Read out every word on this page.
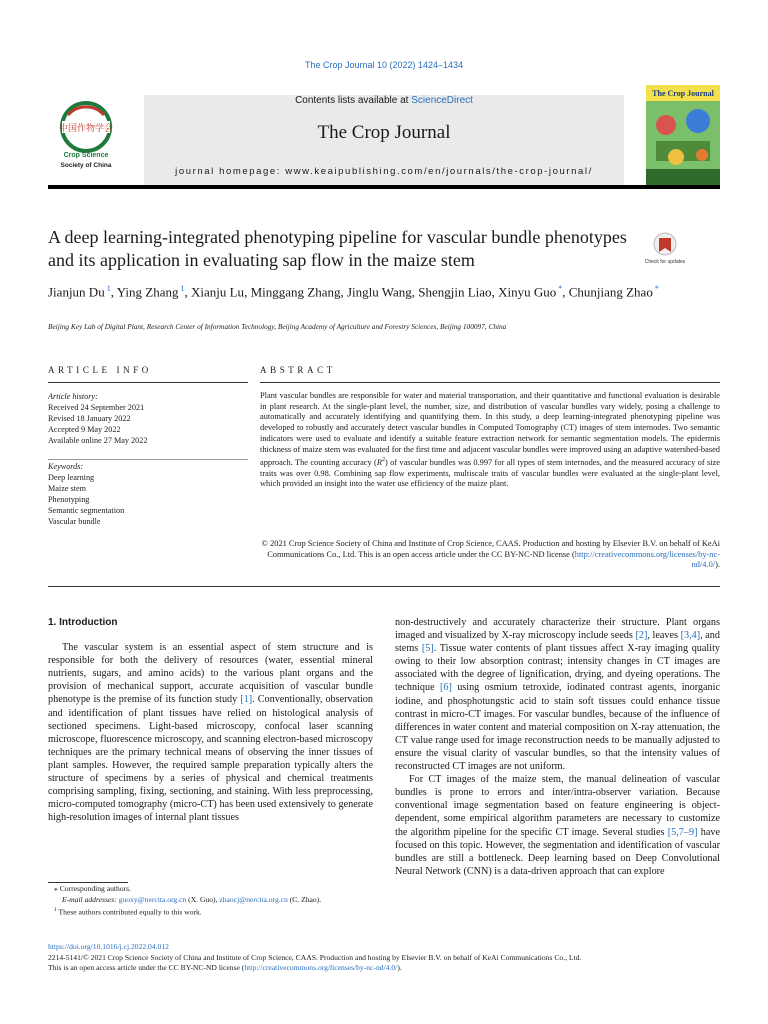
The Crop Journal 10 (2022) 1424–1434
中国作物学会
Crop Science
Society of China
Contents lists available at ScienceDirect
The Crop Journal
journal homepage: www.keaipublishing.com/en/journals/the-crop-journal/
The Crop Journal
A deep learning-integrated phenotyping pipeline for vascular bundle phenotypes and its application in evaluating sap flow in the maize stem	Check for updates
Jianjun Du $^1$, Ying Zhang $^1$, Xianju Lu, Minggang Zhang, Jinglu Wang, Shengjin Liao, Xinyu Guo *, Chunjiang Zhao *
Beijing Key Lab of Digital Plant, Research Center of Information Technology, Beijing Academy of Agriculture and Forestry Sciences, Beijing 100097, China
ARTICLE INFO	ABSTRACT
Article history:
Received 24 September 2021
Revised 18 January 2022
Accepted 9 May 2022
Available online 27 May 2022
Keywords:
Deep learning
Maize stem
Phenotyping
Semantic segmentation
Vascular bundle
Plant vascular bundles are responsible for water and material transportation, and their quantitative and functional evaluation is desirable in plant research. At the single-plant level, the number, size, and distribution of vascular bundles vary widely, posing a challenge to automatically and accurately identifying and quantifying them. In this study, a deep learning-integrated phenotyping pipeline was developed to robustly and accurately detect vascular bundles in Computed Tomography (CT) images of stem internodes. Two semantic indicators were used to evaluate and identify a suitable feature extraction network for semantic segmentation models. The epidermis thickness of maize stem was evaluated for the first time and adjacent vascular bundles were improved using an adaptive watershed-based approach. The counting accuracy $(R^2)$ of vascular bundles was 0.997 for all types of stem internodes, and the measured accuracy of size traits was over 0.98. Combining sap flow experiments, multiscale traits of vascular bundles were evaluated at the single-plant level, which provided an insight into the water use efficiency of the maize plant.
© 2021 Crop Science Society of China and Institute of Crop Science, CAAS. Production and hosting by Elsevier B.V. on behalf of KeAi Communications Co., Ltd. This is an open access article under the CC BY-NC-ND license (http://creativecommons.org/licenses/by-nc-nd/4.0/).
1. Introduction

The vascular system is an essential aspect of stem structure and is responsible for both the delivery of resources (water, essential mineral nutrients, sugars, and amino acids) to the various plant organs and the provision of mechanical support, accurate acquisition of vascular bundle phenotype is the premise of its function study [1]. Conventionally, observation and identification of plant tissues have relied on histological analysis of sectioned specimens. Light-based microscopy, confocal laser scanning microscope, fluorescence microscopy, and scanning electron-based microscopy techniques are the primary technical means of observing the inner tissues of plant samples. However, the required sample preparation typically alters the structure of specimens by a series of physical and chemical treatments comprising sampling, fixing, sectioning, and staining. With less preprocessing, micro-computed tomography (micro-CT) has been used extensively to generate high-resolution images of internal plant tissues

non-destructively and accurately characterize their structure. Plant organs imaged and visualized by X-ray microscopy include seeds [2], leaves [3,4], and stems [5]. Tissue water contents of plant tissues affect X-ray imaging quality owing to their low absorption contrast; intensity changes in CT images are associated with the degree of lignification, drying, and dyeing operations. The technique [6] using osmium tetroxide, iodinated contrast agents, inorganic iodine, and phosphotungstic acid to stain soft tissues could enhance tissue contrast in micro-CT images. For vascular bundles, because of the influence of differences in water content and material composition on X-ray attenuation, the CT value range used for image reconstruction needs to be manually adjusted to ensure the visual clarity of vascular bundles, so that the intensity values of reconstructed CT images are not uniform.

For CT images of the maize stem, the manual delineation of vascular bundles is prone to errors and inter/intra-observer variation. Because conventional image segmentation based on feature engineering is object-dependent, some empirical algorithm parameters are necessary to customize the algorithm pipeline for the specific CT image. Several studies [5,7–9] have focused on this topic. However, the segmentation and identification of vascular bundles are still a bottleneck. Deep learning based on Deep Convolutional Neural Network (CNN) is a data-driven approach that can explore

⁎ Corresponding authors.
E-mail addresses: guoxy@nercita.org.cn (X. Guo), zhaocj@nercita.org.cn (C. Zhao).
$^1$ These authors contributed equally to this work.
https://doi.org/10.1016/j.cj.2022.04.012
2214-5141/© 2021 Crop Science Society of China and Institute of Crop Science, CAAS. Production and hosting by Elsevier B.V. on behalf of KeAi Communications Co., Ltd.
This is an open access article under the CC BY-NC-ND license (http://creativecommons.org/licenses/by-nc-nd/4.0/).
